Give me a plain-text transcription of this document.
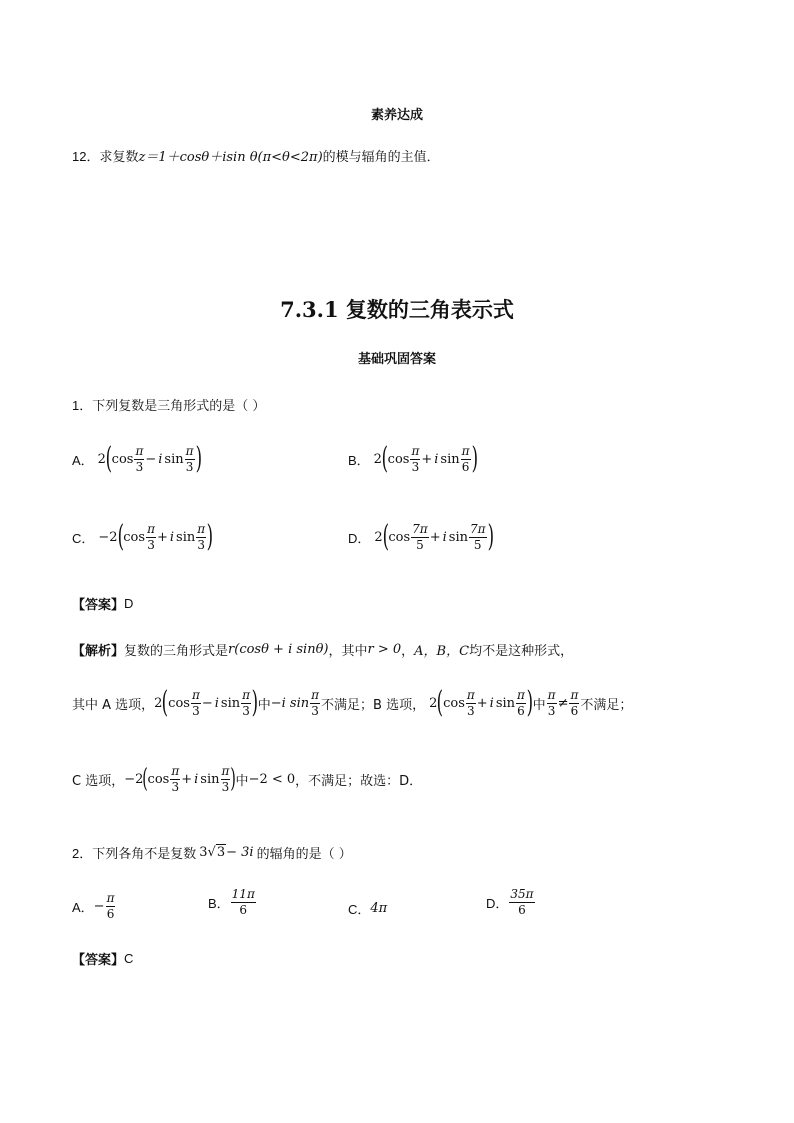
素养达成
12． 求复数 z＝1＋cosθ＋isin θ(π<θ<2π) 的模与辐角的主值．
7.3.1 复数的三角表示式
基础巩固答案
1． 下列复数是三角形式的是（ ）
A． 2 ( $\cos \frac{\pi}{3} - i$ $\sin \frac{\pi}{3}$ )	B． 2 ( $\cos \frac{\pi}{3} + i$ $\sin \frac{\pi}{6}$ )
C． −2 ( $\cos \frac{\pi}{3} + i$ $\sin \frac{\pi}{3}$ )	D． 2 ( $\cos \frac{7\pi}{5} + i$ $\sin \frac{7\pi}{5}$ )
【答案】 D
【解析】 复数的三角形式是 r(cosθ + i sinθ) ，其中 r > 0 ， A，B，C 均不是这种形式，
其中 A 选项， 2 ( $\cos \frac{\pi}{3} - i$ $\sin \frac{\pi}{3}$ ) 中 −i $\sin \frac{\pi}{3}$ 不满足；B 选项， 2 ( $\cos \frac{\pi}{3} + i$ $\sin \frac{\pi}{6}$ ) 中 $\frac{\pi}{3} \ne \frac{\pi}{6}$ 不满足；
C 选项， −2 ( $\cos \frac{\pi}{3} + i$ $\sin \frac{\pi}{3}$ ) 中 −2 < 0 ，不满足；故选：D．
2． 下列各角不是复数 3 √3 − 3i 的辐角的是（ ）
A． − $\frac{\pi}{6}$	B． $\frac{11\pi}{6}$	C． 4π	D． $\frac{35\pi}{6}$
【答案】 C
